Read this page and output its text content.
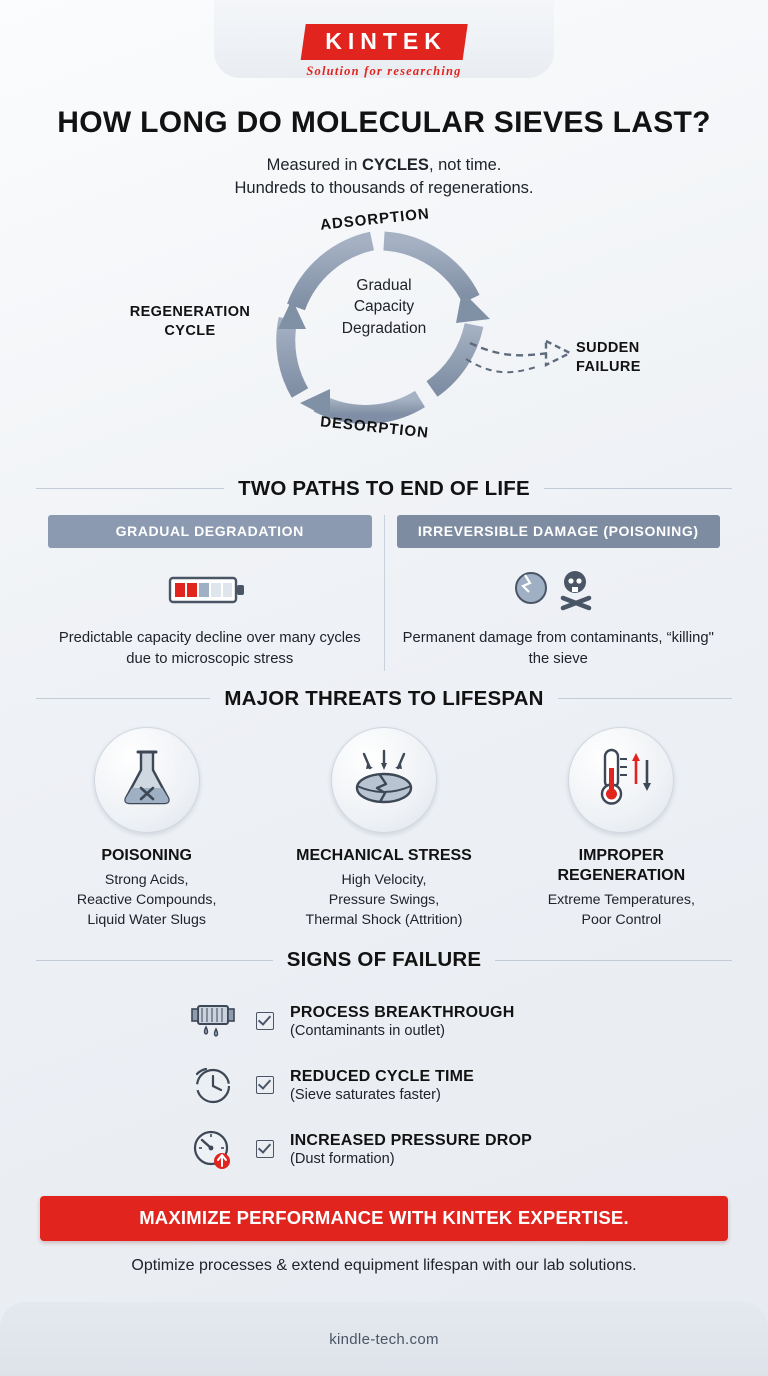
KINTEK
Solution for researching
HOW LONG DO MOLECULAR SIEVES LAST?
Measured in CYCLES, not time.
Hundreds to thousands of regenerations.
ADSORPTION
DESORPTION
REGENERATION
CYCLE
Gradual
Capacity
Degradation
SUDDEN
FAILURE
TWO PATHS TO END OF LIFE
GRADUAL DEGRADATION
Predictable capacity decline over many cycles due to microscopic stress
IRREVERSIBLE DAMAGE (POISONING)
Permanent damage from contaminants, “killing" the sieve
MAJOR THREATS TO LIFESPAN
POISONING
Strong Acids,
Reactive Compounds,
Liquid Water Slugs
MECHANICAL STRESS
High Velocity,
Pressure Swings,
Thermal Shock (Attrition)
IMPROPER
REGENERATION
Extreme Temperatures,
Poor Control
SIGNS OF FAILURE
PROCESS BREAKTHROUGH
(Contaminants in outlet)
REDUCED CYCLE TIME
(Sieve saturates faster)
INCREASED PRESSURE DROP
(Dust formation)
MAXIMIZE PERFORMANCE WITH KINTEK EXPERTISE.
Optimize processes & extend equipment lifespan with our lab solutions.
kindle-tech.com
